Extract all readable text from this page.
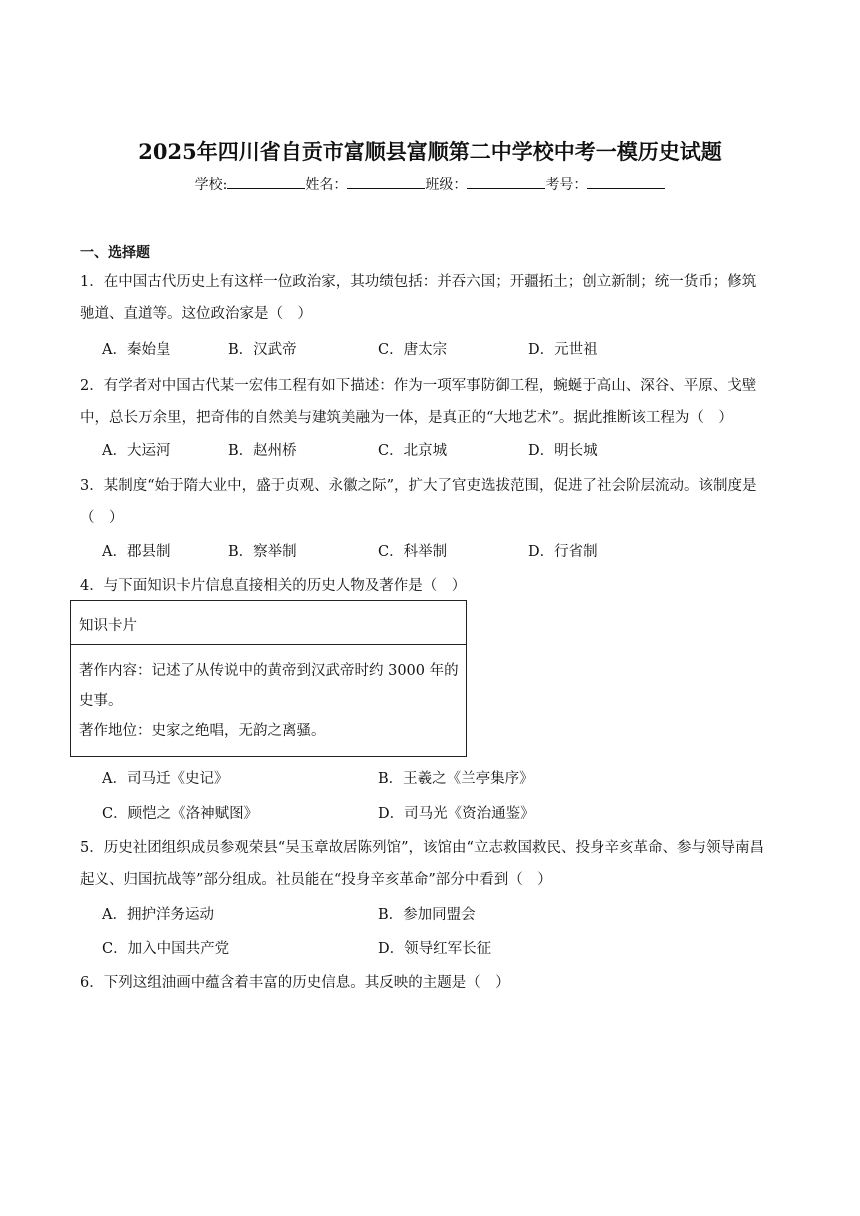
2025年四川省自贡市富顺县富顺第二中学校中考一模历史试题
学校:	姓名：	班级：	考号：
一、选择题
1．在中国古代历史上有这样一位政治家，其功绩包括：并吞六国；开疆拓土；创立新制；统一货币；修筑
驰道、直道等。这位政治家是（　）
A．秦始皇	B．汉武帝	C．唐太宗	D．元世祖
2．有学者对中国古代某一宏伟工程有如下描述：作为一项军事防御工程，蜿蜒于高山、深谷、平原、戈壁
中，总长万余里，把奇伟的自然美与建筑美融为一体，是真正的“大地艺术”。据此推断该工程为（　）
A．大运河	B．赵州桥	C．北京城	D．明长城
3．某制度“始于隋大业中，盛于贞观、永徽之际”，扩大了官吏选拔范围，促进了社会阶层流动。该制度是
（　）
A．郡县制	B．察举制	C．科举制	D．行省制
4．与下面知识卡片信息直接相关的历史人物及著作是（　）
知识卡片
著作内容：记述了从传说中的黄帝到汉武帝时约 3000 年的
史事。
著作地位：史家之绝唱，无韵之离骚。
A．司马迁《史记》	B．王羲之《兰亭集序》
C．顾恺之《洛神赋图》	D．司马光《资治通鉴》
5．历史社团组织成员参观荣县“吴玉章故居陈列馆”，该馆由“立志救国救民、投身辛亥革命、参与领导南昌
起义、归国抗战等”部分组成。社员能在“投身辛亥革命”部分中看到（　）
A．拥护洋务运动	B．参加同盟会
C．加入中国共产党	D．领导红军长征
6．下列这组油画中蕴含着丰富的历史信息。其反映的主题是（　）
